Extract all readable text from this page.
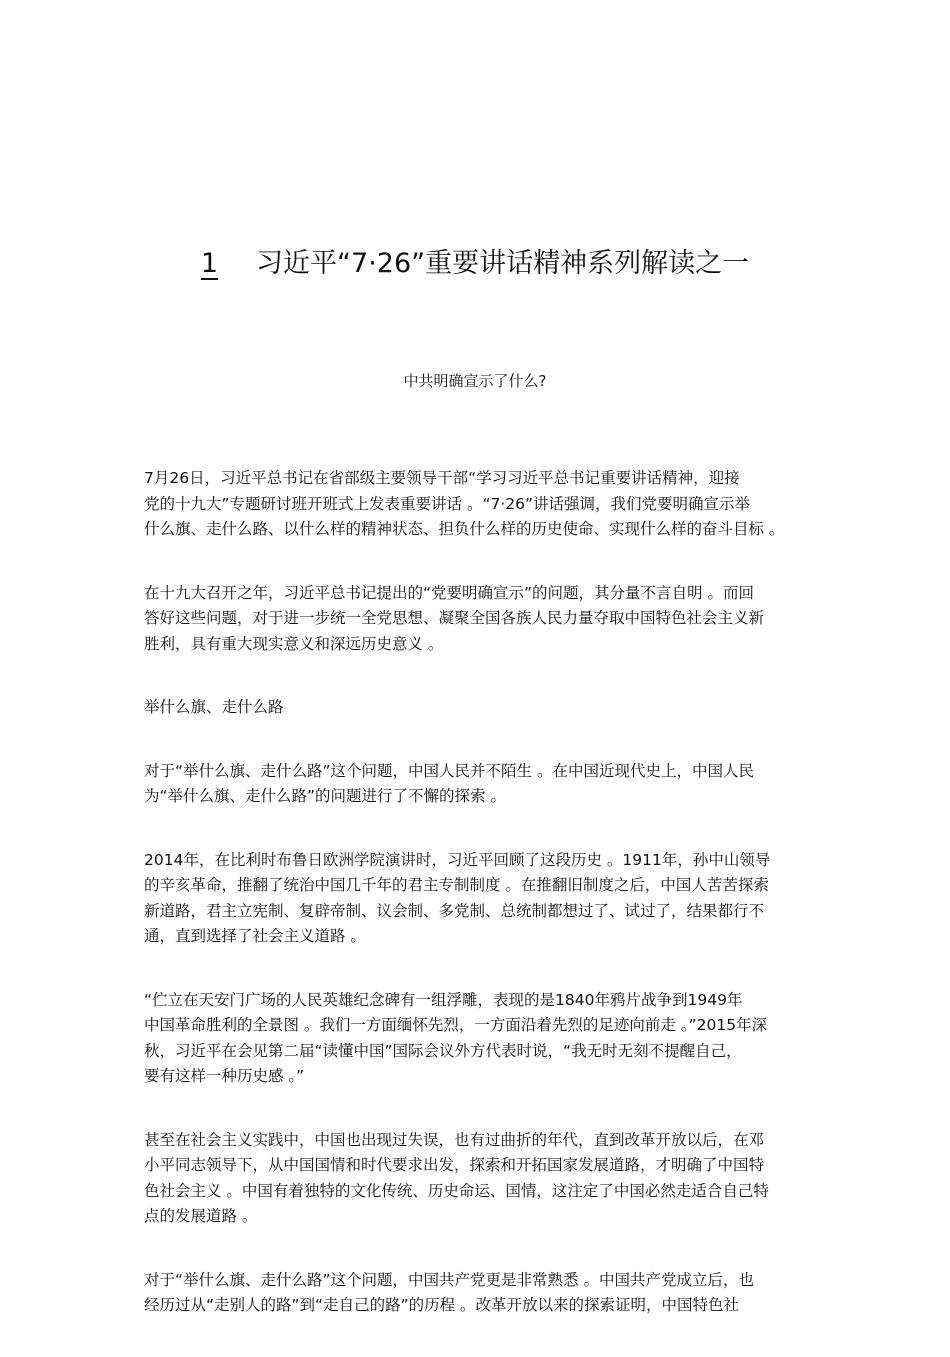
1 习近平“7·26”重要讲话精神系列解读之一
中共明确宣示了什么?
7月26日，习近平总书记在省部级主要领导干部“学习习近平总书记重要讲话精神，迎接
党的十九大”专题研讨班开班式上发表重要讲话 。“7·26”讲话强调，我们党要明确宣示举
什么旗、走什么路、以什么样的精神状态、担负什么样的历史使命、实现什么样的奋斗目标 。
在十九大召开之年，习近平总书记提出的“党要明确宣示”的问题，其分量不言自明 。而回
答好这些问题，对于进一步统一全党思想、凝聚全国各族人民力量夺取中国特色社会主义新
胜利，具有重大现实意义和深远历史意义 。
举什么旗、走什么路
对于“举什么旗、走什么路”这个问题，中国人民并不陌生 。在中国近现代史上，中国人民
为“举什么旗、走什么路”的问题进行了不懈的探索 。
2014年，在比利时布鲁日欧洲学院演讲时，习近平回顾了这段历史 。1911年，孙中山领导
的辛亥革命，推翻了统治中国几千年的君主专制制度 。在推翻旧制度之后，中国人苦苦探索
新道路，君主立宪制、复辟帝制、议会制、多党制、总统制都想过了、试过了，结果都行不
通，直到选择了社会主义道路 。
“伫立在天安门广场的人民英雄纪念碑有一组浮雕，表现的是1840年鸦片战争到1949年
中国革命胜利的全景图 。我们一方面缅怀先烈，一方面沿着先烈的足迹向前走 。”2015年深
秋，习近平在会见第二届“读懂中国”国际会议外方代表时说，“我无时无刻不提醒自己，
要有这样一种历史感 。”
甚至在社会主义实践中，中国也出现过失误，也有过曲折的年代，直到改革开放以后，在邓
小平同志领导下，从中国国情和时代要求出发，探索和开拓国家发展道路，才明确了中国特
色社会主义 。中国有着独特的文化传统、历史命运、国情，这注定了中国必然走适合自己特
点的发展道路 。
对于“举什么旗、走什么路”这个问题，中国共产党更是非常熟悉 。中国共产党成立后，也
经历过从“走别人的路”到“走自己的路”的历程 。改革开放以来的探索证明，中国特色社
